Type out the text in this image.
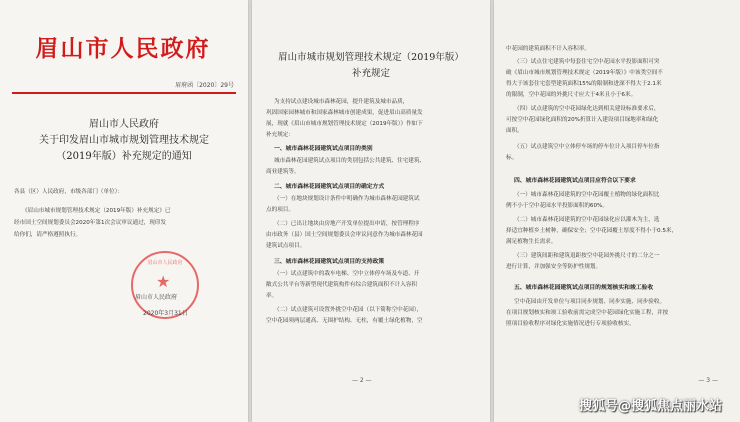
眉山市人民政府
眉府函〔2020〕29号
眉山市人民政府
关于印发眉山市城市规划管理技术规定
（2019年版）补充规定的通知
各县（区）人民政府，市级各部门（单位）：
《眉山市城市规划管理技术规定（2019年版）补充规定》已
经市国土空间规划委员会2020年第1次会议审议通过，现印发
给你们，请严格遵照执行。
眉山市人民政府
★
眉山市人民政府
2020年3月31日
眉山市城市规划管理技术规定（2019年版）
补充规定
为支持试点建设城市森林花园，提升建筑及城市品质，
巩固国家园林城市和国家森林城市创建成果，促进眉山高质量发
展，现就《眉山市城市规划管理技术规定（2019年版）》作如下
补充规定：
一、城市森林花园建筑试点项目的类别
城市森林花园建筑试点项目的类别包括公共建筑、住宅建筑、
商业建筑等。
二、城市森林花园建筑试点项目的确定方式
（一）在地块规划设计条件中明确作为城市森林花园建筑试
点的项目。
（二）已出让地块由房地产开发单位提出申请，按管理程序
由市政务（县）国土空间规划委员会审议同意作为城市森林花园
建筑试点项目。
三、城市森林花园建筑试点项目的支持政策
（一）试点建筑中的栽车电梯、空中立体停车场及车道、开
敞式公共平台等新型现代建筑构件有综合建筑面积不计入容积
率。
（二）试点建筑可设置外挑空中花园（以下简称空中花园），
空中花园须两层通高、无围护结构、无柱，有覆土绿化植物，空
— 2 —
中花园的建筑面积不计入容积率。
（三）试点住宅建筑中每套住宅空中花园水平投影面积可突
破《眉山市城市规划管理技术规定（2019年版）》中该类空间不
得大于该套住宅套型建筑面积15%的限制和进深不得大于2.1米
的限制，空中花园的外挑尺寸应大于4米且小于6米。
（四）试点建筑的空中花园绿化达到相关建设标准要求后，
可按空中花园绿化面积的20%折算计入建设项目绿地率和绿化
面积。
（五）试点建筑空中立体停车场的停车位计入项目停车位指
标。
四、城市森林花园建筑试点项目应符合以下要求
（一）城市森林花园建筑的空中花园覆土植物的绿化面积比
例不小于空中花园水平投影面积的60%。
（二）城市森林花园建筑的空中花园绿化应以灌木为主，选
择适宜种植乡土树种，确保安全；空中花园覆土厚度不得小于0.5米，
满足植物生长需求。
（三）建筑间距和建筑退距按空中花园外挑尺寸的二分之一
进行计算，并加强安全等防护性规划。
五、城市森林花园建筑试点项目的规划核实和竣工验收
空中花园由开发单位与项目同步规划、同步实施、同步验收。
在项目规划核实和竣工验收前需完成空中花园绿化实施工程，并按
照项目验收程序对绿化实施情况进行专项验收核实。
— 3 —
搜狐号@搜狐焦点丽水站
